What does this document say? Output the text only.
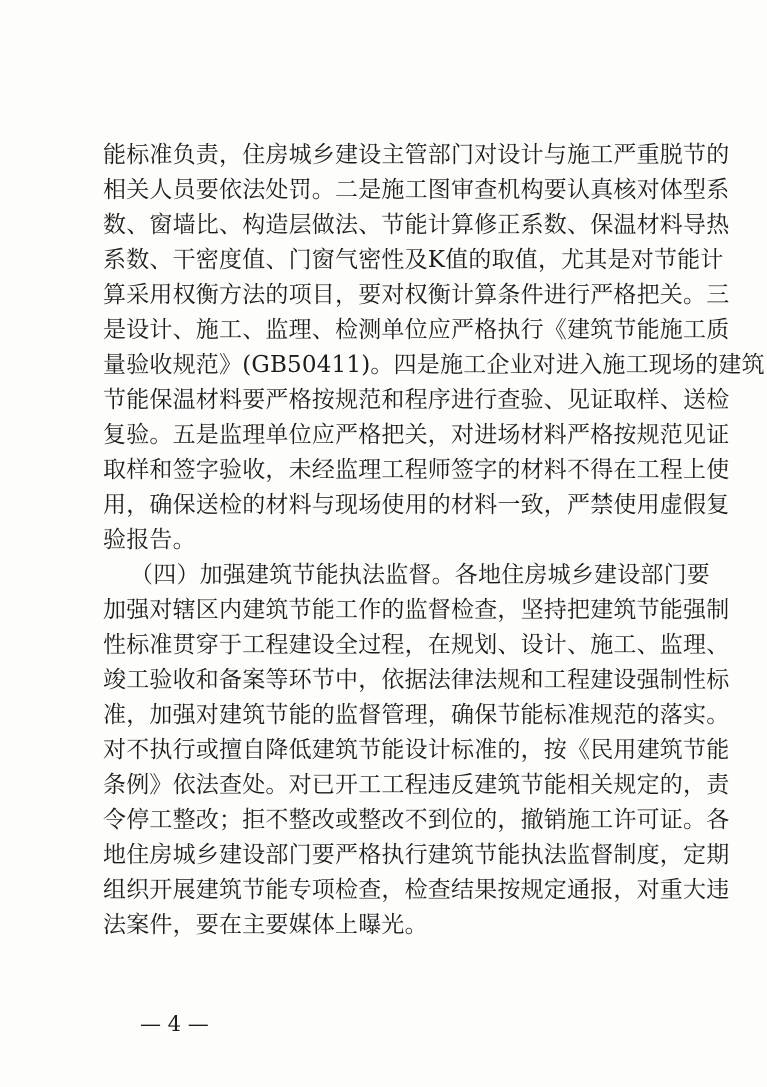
能标准负责，住房城乡建设主管部门对设计与施工严重脱节的
相关人员要依法处罚。二是施工图审查机构要认真核对体型系
数、窗墙比、构造层做法、节能计算修正系数、保温材料导热
系数、干密度值、门窗气密性及K值的取值，尤其是对节能计
算采用权衡方法的项目，要对权衡计算条件进行严格把关。三
是设计、施工、监理、检测单位应严格执行《建筑节能施工质
量验收规范》(GB50411)。四是施工企业对进入施工现场的建筑
节能保温材料要严格按规范和程序进行查验、见证取样、送检
复验。五是监理单位应严格把关，对进场材料严格按规范见证
取样和签字验收，未经监理工程师签字的材料不得在工程上使
用，确保送检的材料与现场使用的材料一致，严禁使用虚假复
验报告。
（四）加强建筑节能执法监督。各地住房城乡建设部门要
加强对辖区内建筑节能工作的监督检查，坚持把建筑节能强制
性标准贯穿于工程建设全过程，在规划、设计、施工、监理、
竣工验收和备案等环节中，依据法律法规和工程建设强制性标
准，加强对建筑节能的监督管理，确保节能标准规范的落实。
对不执行或擅自降低建筑节能设计标准的，按《民用建筑节能
条例》依法查处。对已开工工程违反建筑节能相关规定的，责
令停工整改；拒不整改或整改不到位的，撤销施工许可证。各
地住房城乡建设部门要严格执行建筑节能执法监督制度，定期
组织开展建筑节能专项检查，检查结果按规定通报，对重大违
法案件，要在主要媒体上曝光。
— 4 —
